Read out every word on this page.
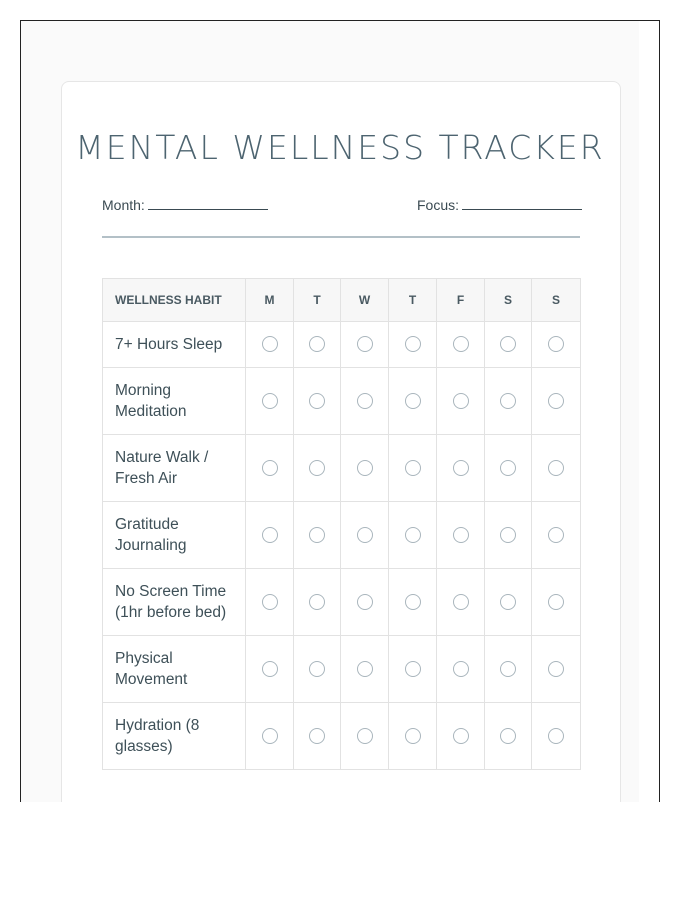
MENTAL WELLNESS TRACKER
Month:	Focus:
WELLNESS HABIT	M	T	W	T	F	S	S
7+ Hours Sleep							
Morning Meditation							
Nature Walk / Fresh Air							
Gratitude Journaling							
No Screen Time (1hr before bed)							
Physical Movement							
Hydration (8 glasses)							
